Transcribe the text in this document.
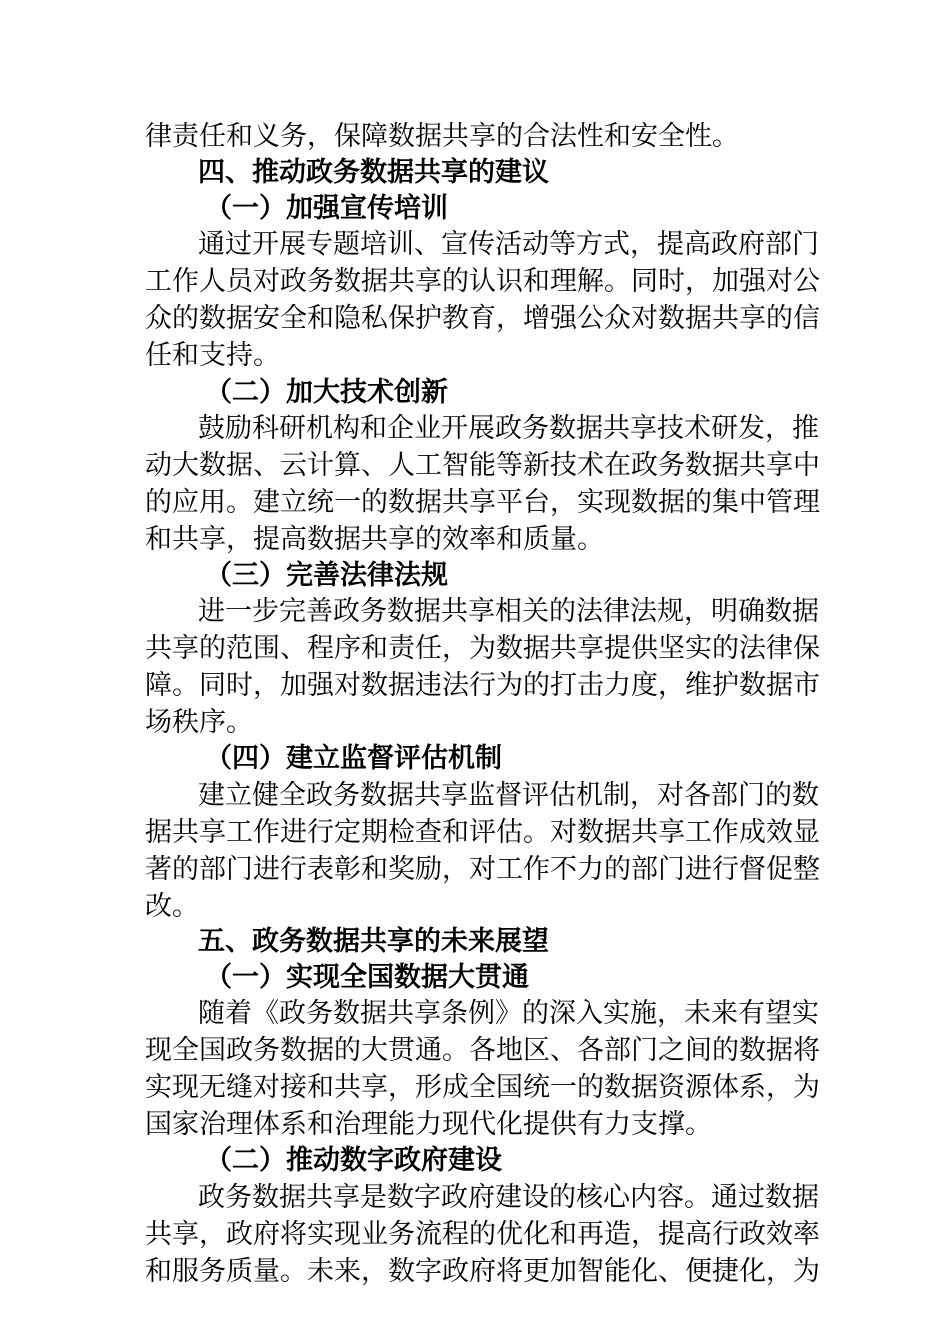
律责任和义务，保障数据共享的合法性和安全性。
四、推动政务数据共享的建议
（一）加强宣传培训
通过开展专题培训、宣传活动等方式，提高政府部门
工作人员对政务数据共享的认识和理解。同时，加强对公
众的数据安全和隐私保护教育，增强公众对数据共享的信
任和支持。
（二）加大技术创新
鼓励科研机构和企业开展政务数据共享技术研发，推
动大数据、云计算、人工智能等新技术在政务数据共享中
的应用。建立统一的数据共享平台，实现数据的集中管理
和共享，提高数据共享的效率和质量。
（三）完善法律法规
进一步完善政务数据共享相关的法律法规，明确数据
共享的范围、程序和责任，为数据共享提供坚实的法律保
障。同时，加强对数据违法行为的打击力度，维护数据市
场秩序。
（四）建立监督评估机制
建立健全政务数据共享监督评估机制，对各部门的数
据共享工作进行定期检查和评估。对数据共享工作成效显
著的部门进行表彰和奖励，对工作不力的部门进行督促整
改。
五、政务数据共享的未来展望
（一）实现全国数据大贯通
随着《政务数据共享条例》的深入实施，未来有望实
现全国政务数据的大贯通。各地区、各部门之间的数据将
实现无缝对接和共享，形成全国统一的数据资源体系，为
国家治理体系和治理能力现代化提供有力支撑。
（二）推动数字政府建设
政务数据共享是数字政府建设的核心内容。通过数据
共享，政府将实现业务流程的优化和再造，提高行政效率
和服务质量。未来，数字政府将更加智能化、便捷化，为
